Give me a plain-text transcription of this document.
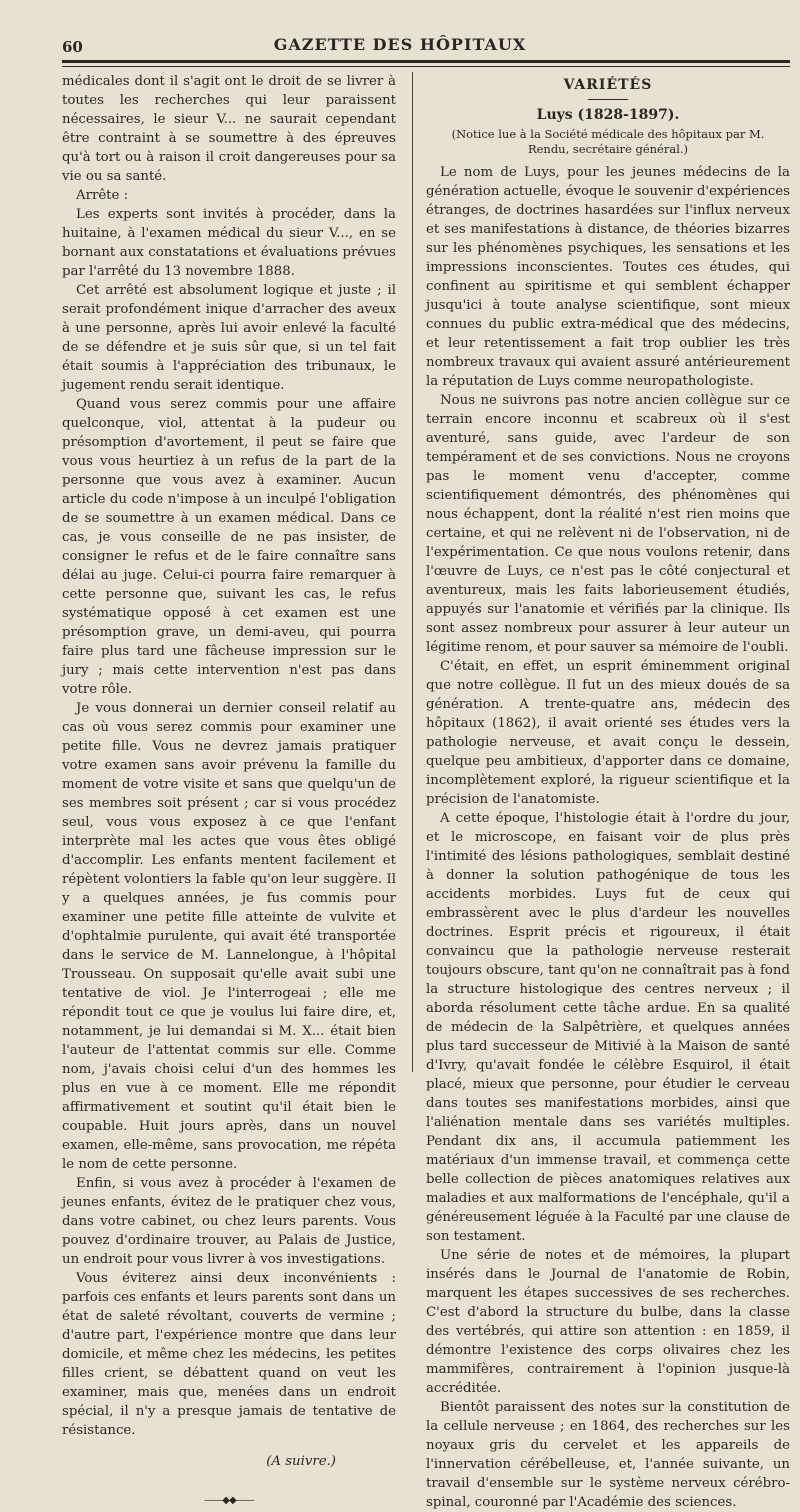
60	GAZETTE DES HÔPITAUX

médicales dont il s'agit ont le droit de se livrer à toutes les recherches qui leur paraissent nécessaires, le sieur V... ne saurait cependant être contraint à se soumettre à des épreuves qu'à tort ou à raison il croit dangereuses pour sa vie ou sa santé.

Arrête :

Les experts sont invités à procéder, dans la huitaine, à l'examen médical du sieur V..., en se bornant aux constatations et évaluations prévues par l'arrêté du 13 novembre 1888.

Cet arrêté est absolument logique et juste ; il serait profondément inique d'arracher des aveux à une personne, après lui avoir enlevé la faculté de se défendre et je suis sûr que, si un tel fait était soumis à l'appréciation des tribunaux, le jugement rendu serait identique.

Quand vous serez commis pour une affaire quelconque, viol, attentat à la pudeur ou présomption d'avortement, il peut se faire que vous vous heurtiez à un refus de la part de la personne que vous avez à examiner. Aucun article du code n'impose à un inculpé l'obligation de se soumettre à un examen médical. Dans ce cas, je vous conseille de ne pas insister, de consigner le refus et de le faire connaître sans délai au juge. Celui-ci pourra faire remarquer à cette personne que, suivant les cas, le refus systématique opposé à cet examen est une présomption grave, un demi-aveu, qui pourra faire plus tard une fâcheuse impression sur le jury ; mais cette intervention n'est pas dans votre rôle.

Je vous donnerai un dernier conseil relatif au cas où vous serez commis pour examiner une petite fille. Vous ne devrez jamais pratiquer votre examen sans avoir prévenu la famille du moment de votre visite et sans que quelqu'un de ses membres soit présent ; car si vous procédez seul, vous vous exposez à ce que l'enfant interprète mal les actes que vous êtes obligé d'accomplir. Les enfants mentent facilement et répètent volontiers la fable qu'on leur suggère. Il y a quelques années, je fus commis pour examiner une petite fille atteinte de vulvite et d'ophtalmie purulente, qui avait été transportée dans le service de M. Lannelongue, à l'hôpital Trousseau. On supposait qu'elle avait subi une tentative de viol. Je l'interrogeai ; elle me répondit tout ce que je voulus lui faire dire, et, notamment, je lui demandai si M. X... était bien l'auteur de l'attentat commis sur elle. Comme nom, j'avais choisi celui d'un des hommes les plus en vue à ce moment. Elle me répondit affirmativement et soutint qu'il était bien le coupable. Huit jours après, dans un nouvel examen, elle-même, sans provocation, me répéta le nom de cette personne.

Enfin, si vous avez à procéder à l'examen de jeunes enfants, évitez de le pratiquer chez vous, dans votre cabinet, ou chez leurs parents. Vous pouvez d'ordinaire trouver, au Palais de Justice, un endroit pour vous livrer à vos investigations.

Vous éviterez ainsi deux inconvénients : parfois ces enfants et leurs parents sont dans un état de saleté révoltant, couverts de vermine ; d'autre part, l'expérience montre que dans leur domicile, et même chez les médecins, les petites filles crient, se débattent quand on veut les examiner, mais que, menées dans un endroit spécial, il n'y a presque jamais de tentative de résistance.

(A suivre.)
——◆◆——
VARIÉTÉS
Luys (1828-1897).
(Notice lue à la Société médicale des hôpitaux par M. Rendu, secrétaire général.)

Le nom de Luys, pour les jeunes médecins de la génération actuelle, évoque le souvenir d'expériences étranges, de doctrines hasardées sur l'influx nerveux et ses manifestations à distance, de théories bizarres sur les phénomènes psychiques, les sensations et les impressions inconscientes. Toutes ces études, qui confinent au spiritisme et qui semblent échapper jusqu'ici à toute analyse scientifique, sont mieux connues du public extra-médical que des médecins, et leur retentissement a fait trop oublier les très nombreux travaux qui avaient assuré antérieurement la réputation de Luys comme neuropathologiste.

Nous ne suivrons pas notre ancien collègue sur ce terrain encore inconnu et scabreux où il s'est aventuré, sans guide, avec l'ardeur de son tempérament et de ses convictions. Nous ne croyons pas le moment venu d'accepter, comme scientifiquement démontrés, des phénomènes qui nous échappent, dont la réalité n'est rien moins que certaine, et qui ne relèvent ni de l'observation, ni de l'expérimentation. Ce que nous voulons retenir, dans l'œuvre de Luys, ce n'est pas le côté conjectural et aventureux, mais les faits laborieusement étudiés, appuyés sur l'anatomie et vérifiés par la clinique. Ils sont assez nombreux pour assurer à leur auteur un légitime renom, et pour sauver sa mémoire de l'oubli.

C'était, en effet, un esprit éminemment original que notre collègue. Il fut un des mieux doués de sa génération. A trente-quatre ans, médecin des hôpitaux (1862), il avait orienté ses études vers la pathologie nerveuse, et avait conçu le dessein, quelque peu ambitieux, d'apporter dans ce domaine, incomplètement exploré, la rigueur scientifique et la précision de l'anatomiste.

A cette époque, l'histologie était à l'ordre du jour, et le microscope, en faisant voir de plus près l'intimité des lésions pathologiques, semblait destiné à donner la solution pathogénique de tous les accidents morbides. Luys fut de ceux qui embrassèrent avec le plus d'ardeur les nouvelles doctrines. Esprit précis et rigoureux, il était convaincu que la pathologie nerveuse resterait toujours obscure, tant qu'on ne connaîtrait pas à fond la structure histologique des centres nerveux ; il aborda résolument cette tâche ardue. En sa qualité de médecin de la Salpêtrière, et quelques années plus tard successeur de Mitivié à la Maison de santé d'Ivry, qu'avait fondée le célèbre Esquirol, il était placé, mieux que personne, pour étudier le cerveau dans toutes ses manifestations morbides, ainsi que l'aliénation mentale dans ses variétés multiples. Pendant dix ans, il accumula patiemment les matériaux d'un immense travail, et commença cette belle collection de pièces anatomiques relatives aux maladies et aux malformations de l'encéphale, qu'il a généreusement léguée à la Faculté par une clause de son testament.

Une série de notes et de mémoires, la plupart insérés dans le Journal de l'anatomie de Robin, marquent les étapes successives de ses recherches. C'est d'abord la structure du bulbe, dans la classe des vertébrés, qui attire son attention : en 1859, il démontre l'existence des corps olivaires chez les mammifères, contrairement à l'opinion jusque-là accréditée.

Bientôt paraissent des notes sur la constitution de la cellule nerveuse ; en 1864, des recherches sur les noyaux gris du cervelet et les appareils de l'innervation cérébelleuse, et, l'année suivante, un travail d'ensemble sur le système nerveux cérébro-spinal, couronné par l'Académie des sciences.
